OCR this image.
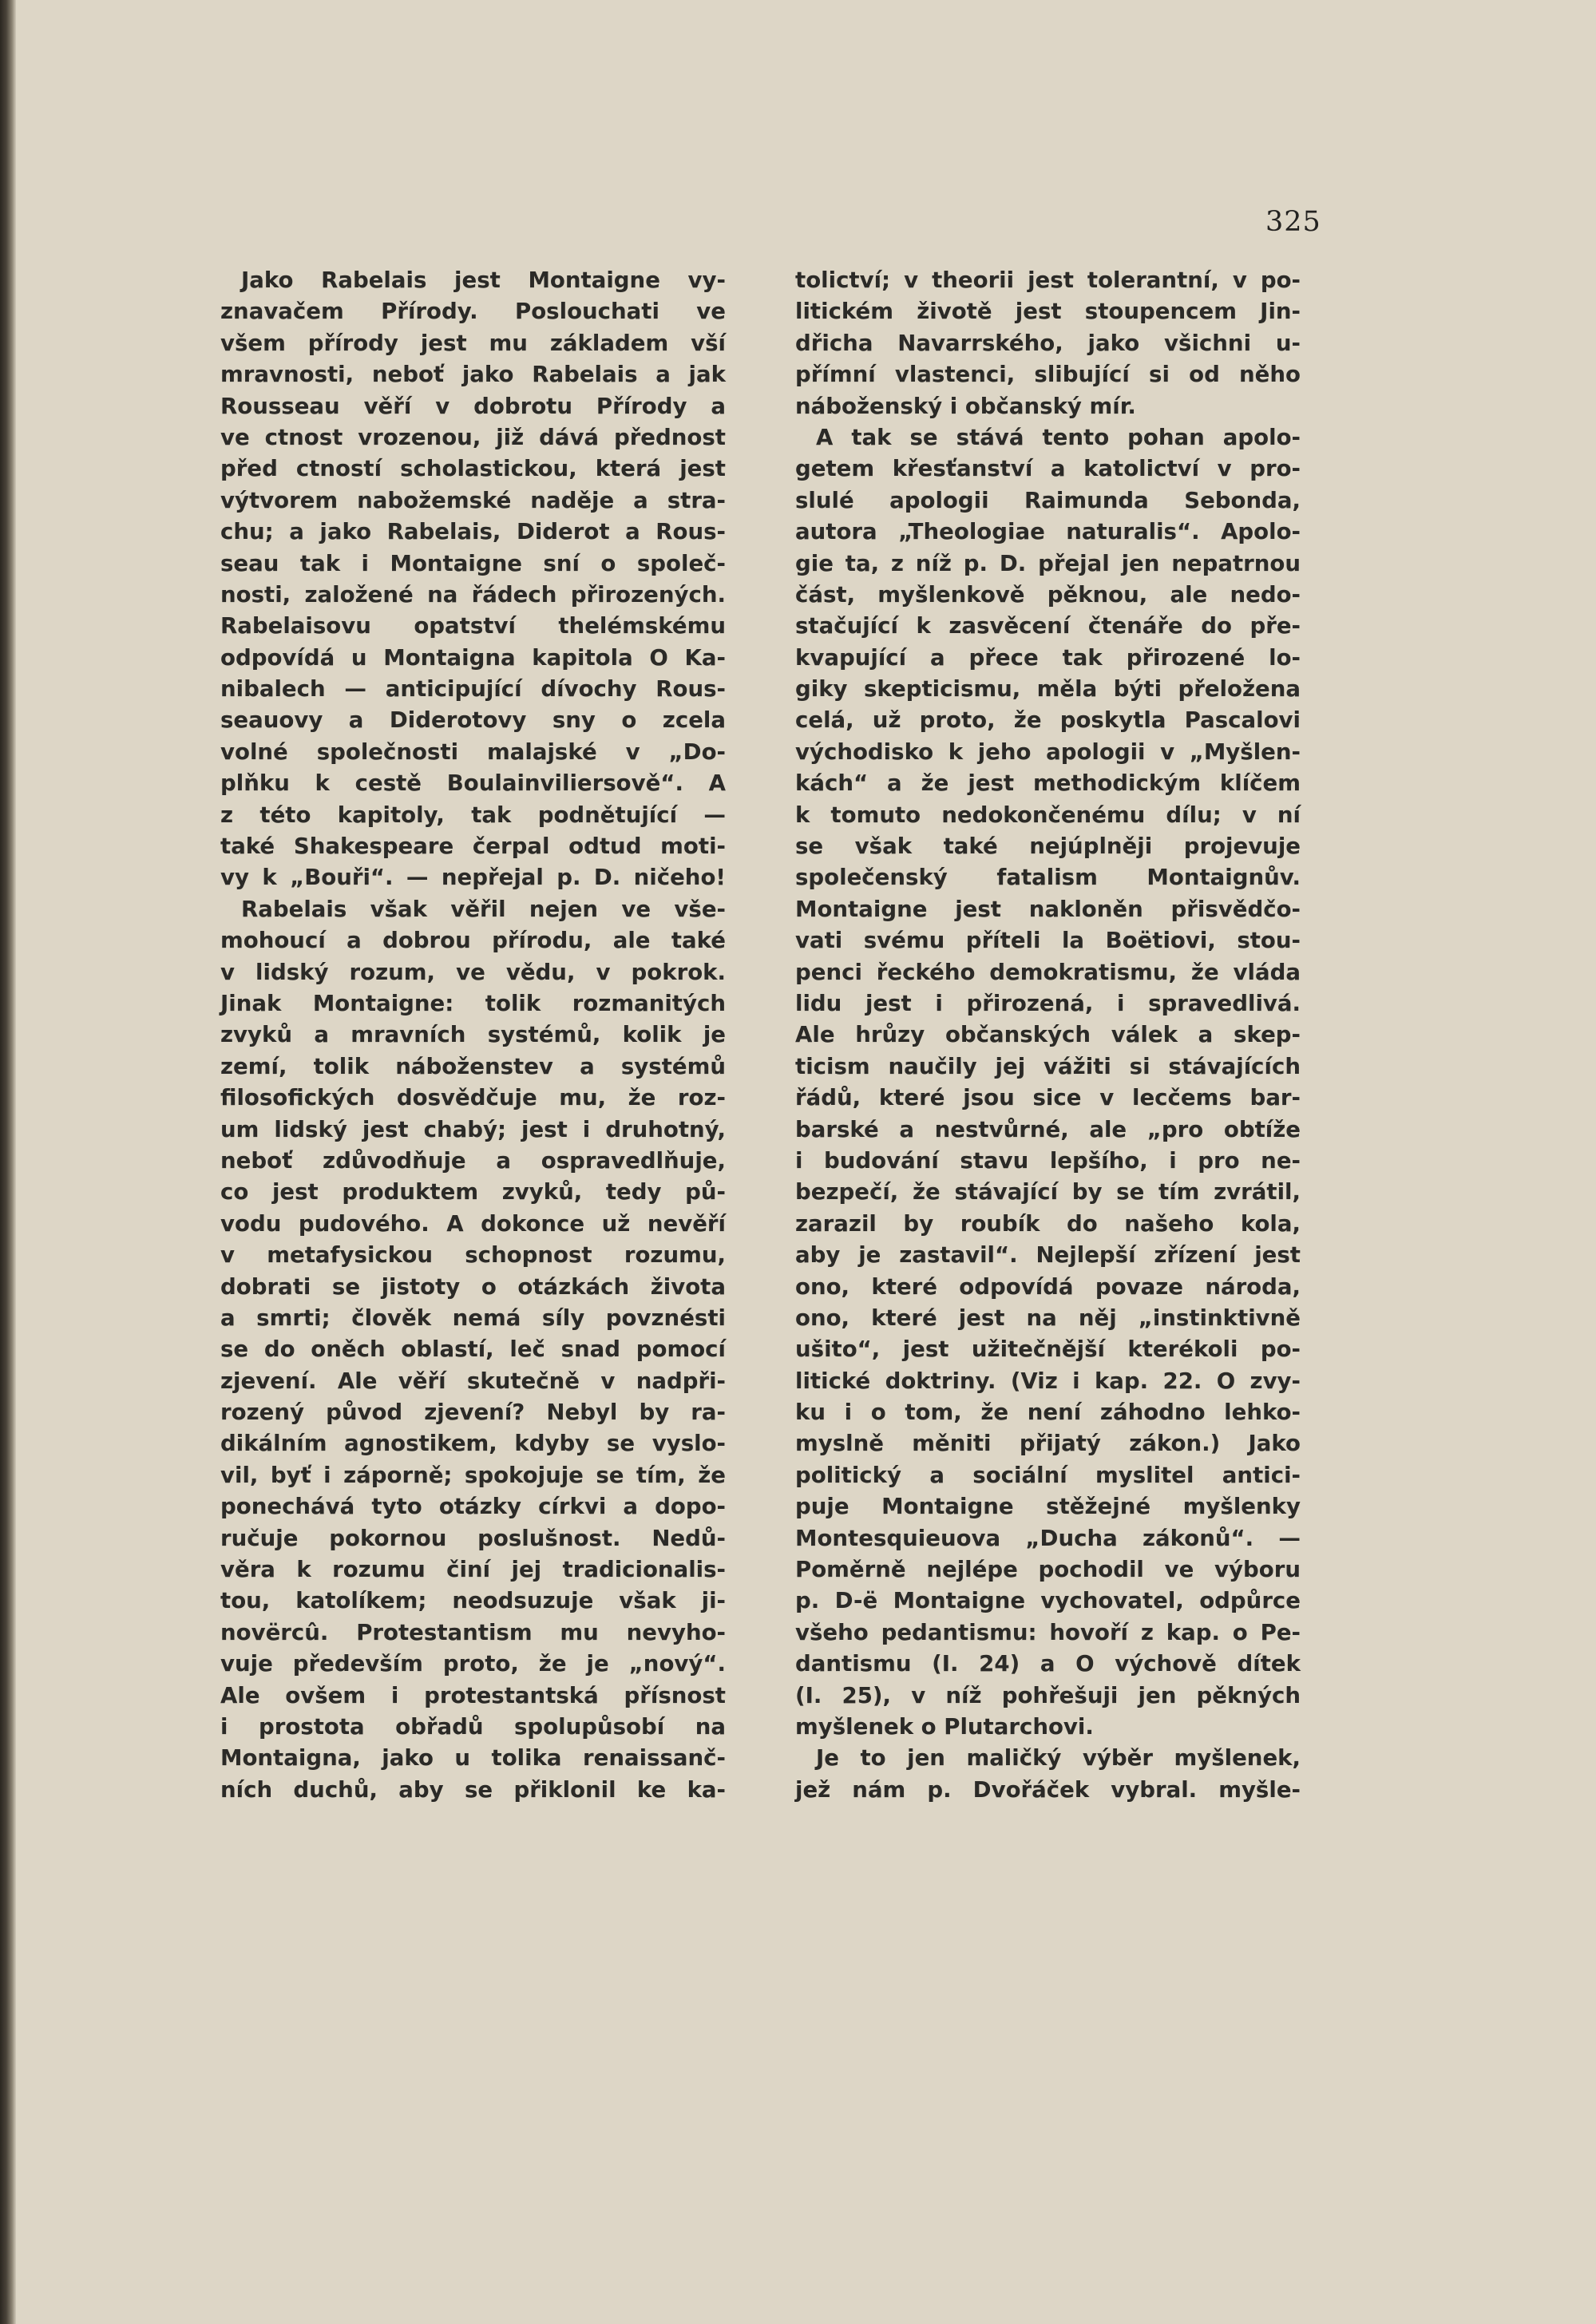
325
Jako Rabelais jest Montaigne vy-
znavačem Přírody. Poslouchati ve
všem přírody jest mu základem vší
mravnosti, neboť jako Rabelais a jak
Rousseau věří v dobrotu Přírody a
ve ctnost vrozenou, již dává přednost
před ctností scholastickou, která jest
výtvorem nabožemské naděje a stra-
chu; a jako Rabelais, Diderot a Rous-
seau tak i Montaigne sní o společ-
nosti, založené na řádech přirozených.
Rabelaisovu opatství thelémskému
odpovídá u Montaigna kapitola O Ka-
nibalech — anticipující dívochy Rous-
seauovy a Diderotovy sny o zcela
volné společnosti malajské v „Do-
plňku k cestě Boulainviliersově“. A
z této kapitoly, tak podnětující —
také Shakespeare čerpal odtud moti-
vy k „Bouři“. — nepřejal p. D. ničeho!
Rabelais však věřil nejen ve vše-
mohoucí a dobrou přírodu, ale také
v lidský rozum, ve vědu, v pokrok.
Jinak Montaigne: tolik rozmanitých
zvyků a mravních systémů, kolik je
zemí, tolik náboženstev a systémů
filosofických dosvědčuje mu, že roz-
um lidský jest chabý; jest i druhotný,
neboť zdůvodňuje a ospravedlňuje,
co jest produktem zvyků, tedy pů-
vodu pudového. A dokonce už nevěří
v metafysickou schopnost rozumu,
dobrati se jistoty o otázkách života
a smrti; člověk nemá síly povznésti
se do oněch oblastí, leč snad pomocí
zjevení. Ale věří skutečně v nadpři-
rozený původ zjevení? Nebyl by ra-
dikálním agnostikem, kdyby se vyslo-
vil, byť i záporně; spokojuje se tím, že
ponechává tyto otázky církvi a dopo-
ručuje pokornou poslušnost. Nedů-
věra k rozumu činí jej tradicionalis-
tou, katolíkem; neodsuzuje však ji-
novërcû. Protestantism mu nevyho-
vuje především proto, že je „nový“.
Ale ovšem i protestantská přísnost
i prostota obřadů spolupůsobí na
Montaigna, jako u tolika renaissanč-
ních duchů, aby se přiklonil ke ka-
tolictví; v theorii jest tolerantní, v po-
litickém životě jest stoupencem Jin-
dřicha Navarrského, jako všichni u-
přímní vlastenci, slibující si od něho
náboženský i občanský mír.
A tak se stává tento pohan apolo-
getem křesťanství a katolictví v pro-
slulé apologii Raimunda Sebonda,
autora „Theologiae naturalis“. Apolo-
gie ta, z níž p. D. přejal jen nepatrnou
část, myšlenkově pěknou, ale nedo-
stačující k zasvěcení čtenáře do pře-
kvapující a přece tak přirozené lo-
giky skepticismu, měla býti přeložena
celá, už proto, že poskytla Pascalovi
východisko k jeho apologii v „Myšlen-
kách“ a že jest methodickým klíčem
k tomuto nedokončenému dílu; v ní
se však také nejúplněji projevuje
společenský fatalism Montaignův.
Montaigne jest nakloněn přisvědčo-
vati svému příteli la Boëtiovi, stou-
penci řeckého demokratismu, že vláda
lidu jest i přirozená, i spravedlivá.
Ale hrůzy občanských válek a skep-
ticism naučily jej vážiti si stávajících
řádů, které jsou sice v lecčems bar-
barské a nestvůrné, ale „pro obtíže
i budování stavu lepšího, i pro ne-
bezpečí, že stávající by se tím zvrátil,
zarazil by roubík do našeho kola,
aby je zastavil“. Nejlepší zřízení jest
ono, které odpovídá povaze národa,
ono, které jest na něj „instinktivně
ušito“, jest užitečnější kterékoli po-
litické doktriny. (Viz i kap. 22. O zvy-
ku i o tom, že není záhodno lehko-
myslně měniti přijatý zákon.) Jako
politický a sociální myslitel antici-
puje Montaigne stěžejné myšlenky
Montesquieuova „Ducha zákonů“. —
Poměrně nejlépe pochodil ve výboru
p. D-ë Montaigne vychovatel, odpůrce
všeho pedantismu: hovoří z kap. o Pe-
dantismu (I. 24) a O výchově dítek
(I. 25), v níž pohřešuji jen pěkných
myšlenek o Plutarchovi.
Je to jen maličký výběr myšlenek,
jež nám p. Dvořáček vybral. myšle-
